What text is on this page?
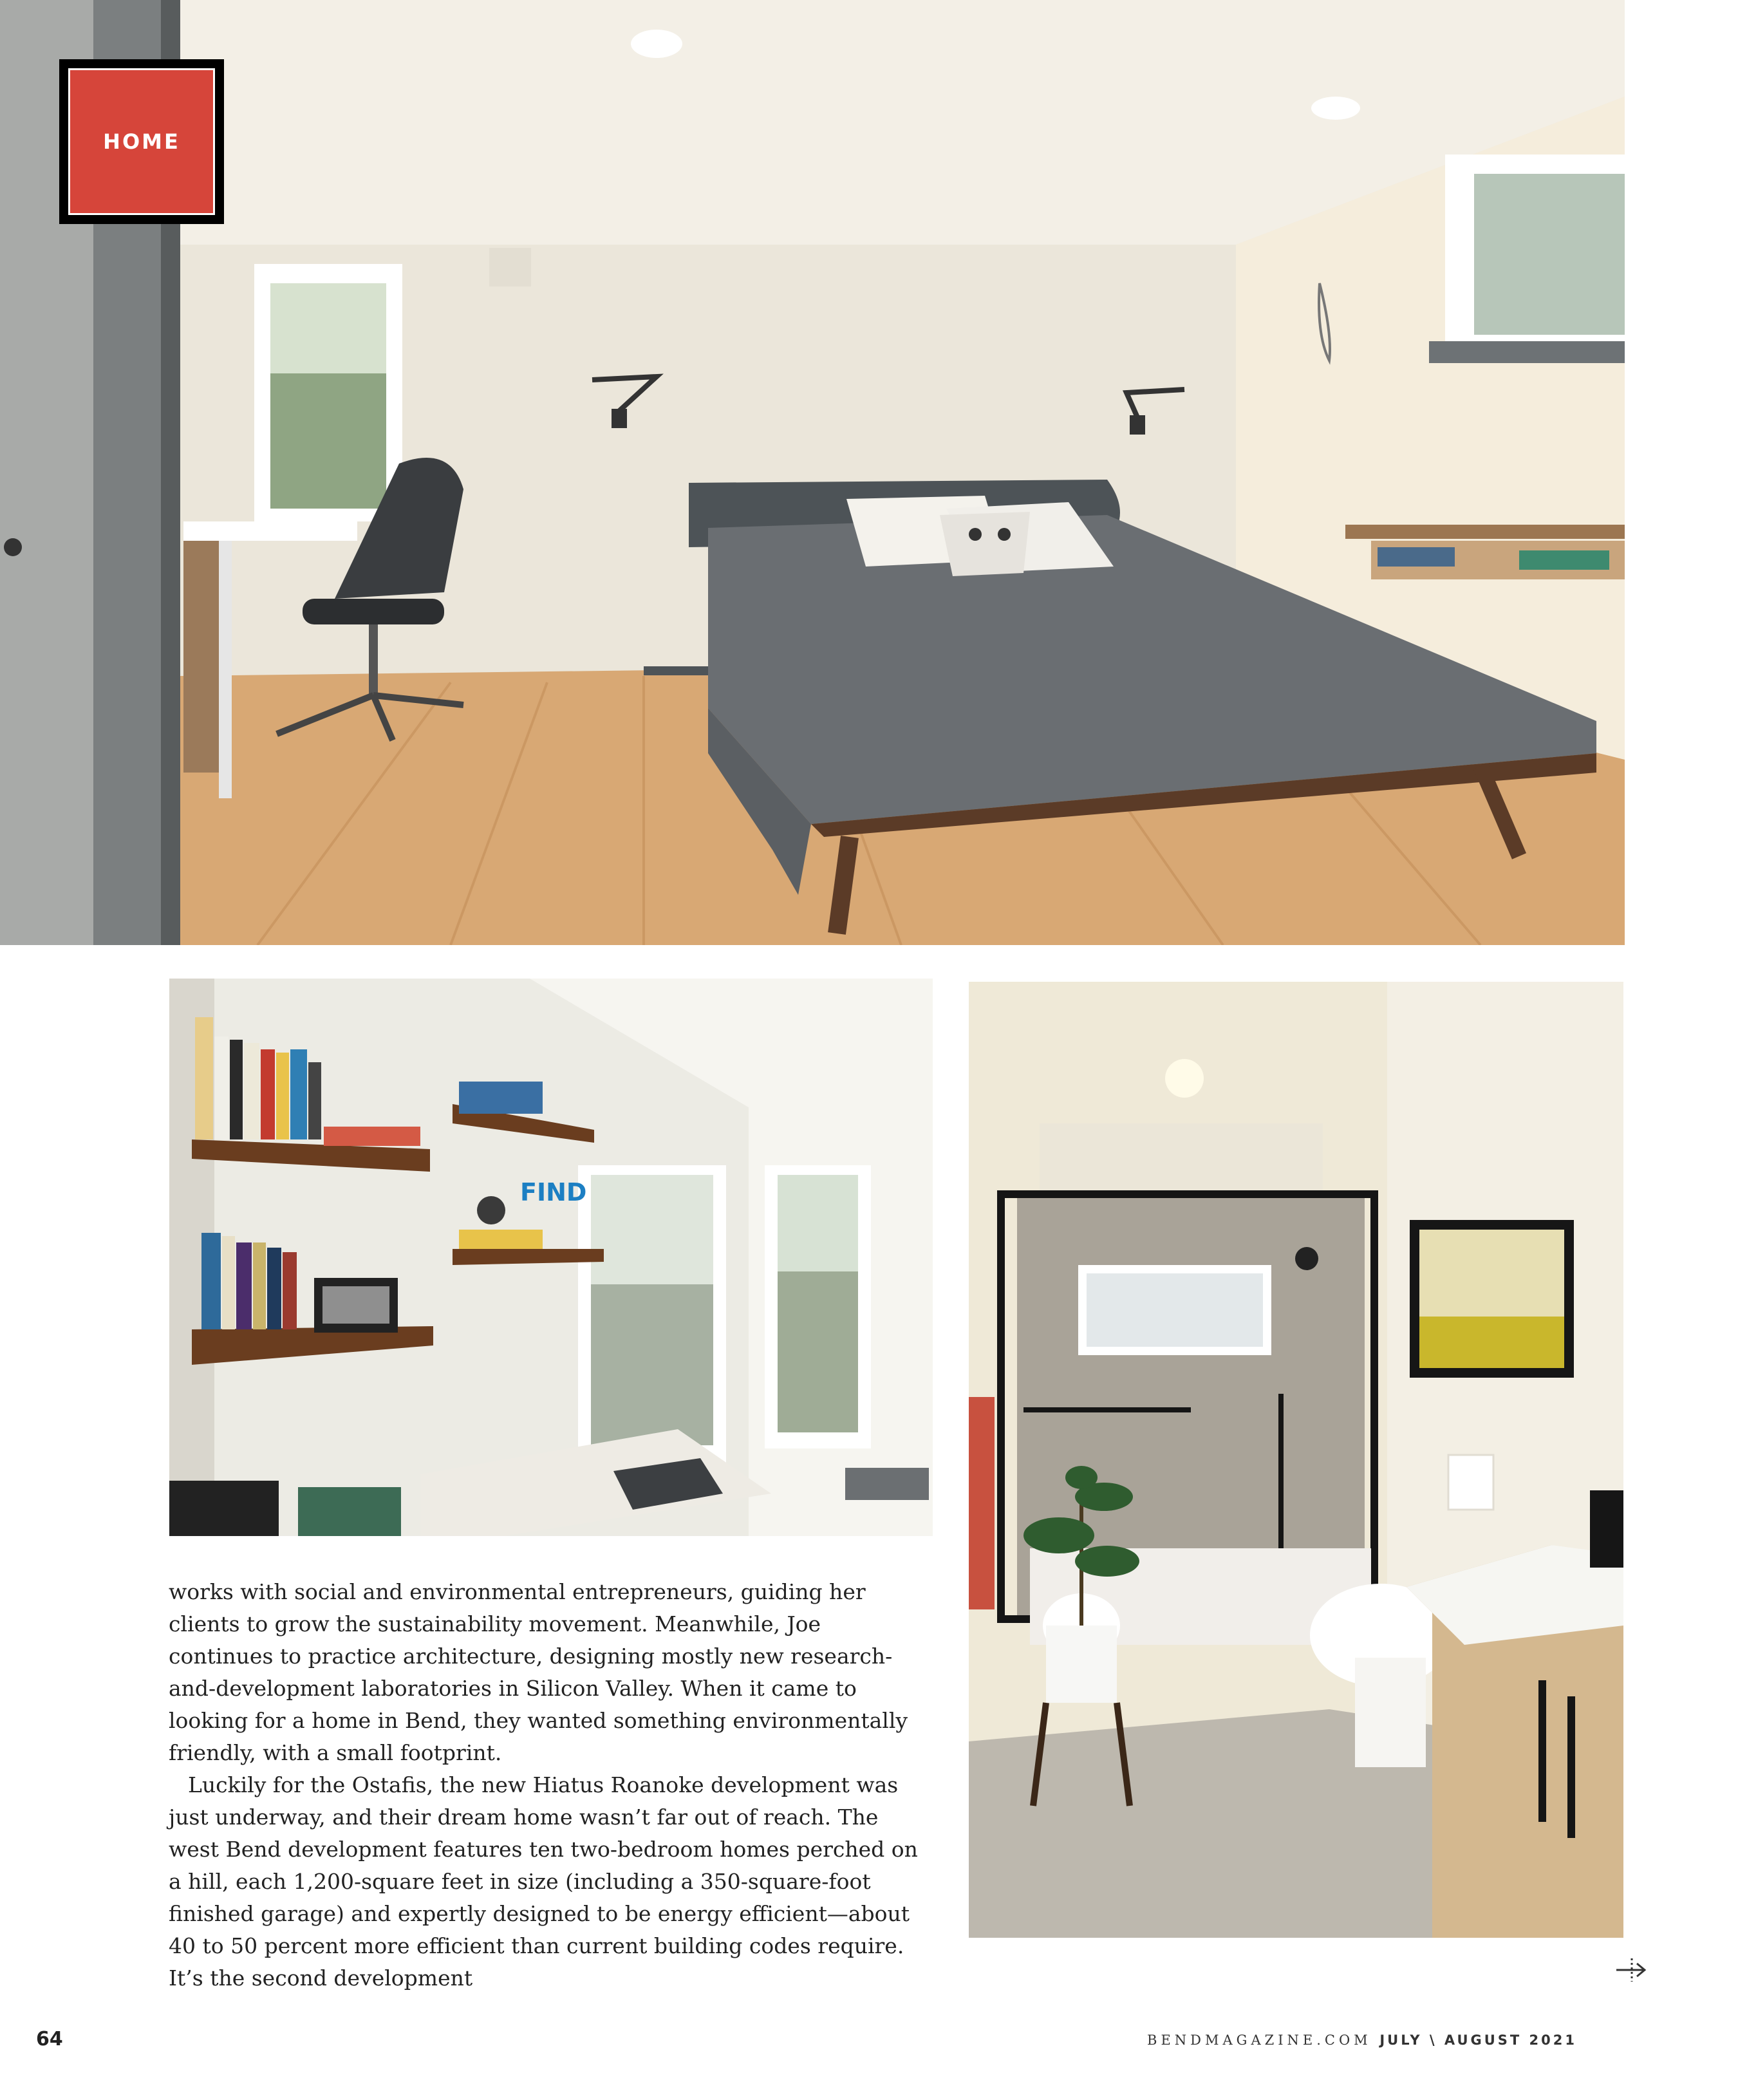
HOME
FIND

works with social and environmental entrepreneurs, guiding her clients to grow the sustainability movement. Meanwhile, Joe continues to practice architecture, designing mostly new research-and-development laboratories in Silicon Valley. When it came to looking for a home in Bend, they wanted something environmentally friendly, with a small footprint.

Luckily for the Ostafis, the new Hiatus Roanoke development was just underway, and their dream home wasn’t far out of reach. The west Bend development features ten two-bedroom homes perched on a hill, each 1,200-square feet in size (including a 350-square-foot finished garage) and expertly designed to be energy efficient—about 40 to 50 percent more efficient than current building codes require. It’s the second development

64	BENDMAGAZINE.COM JULY \ AUGUST 2021
